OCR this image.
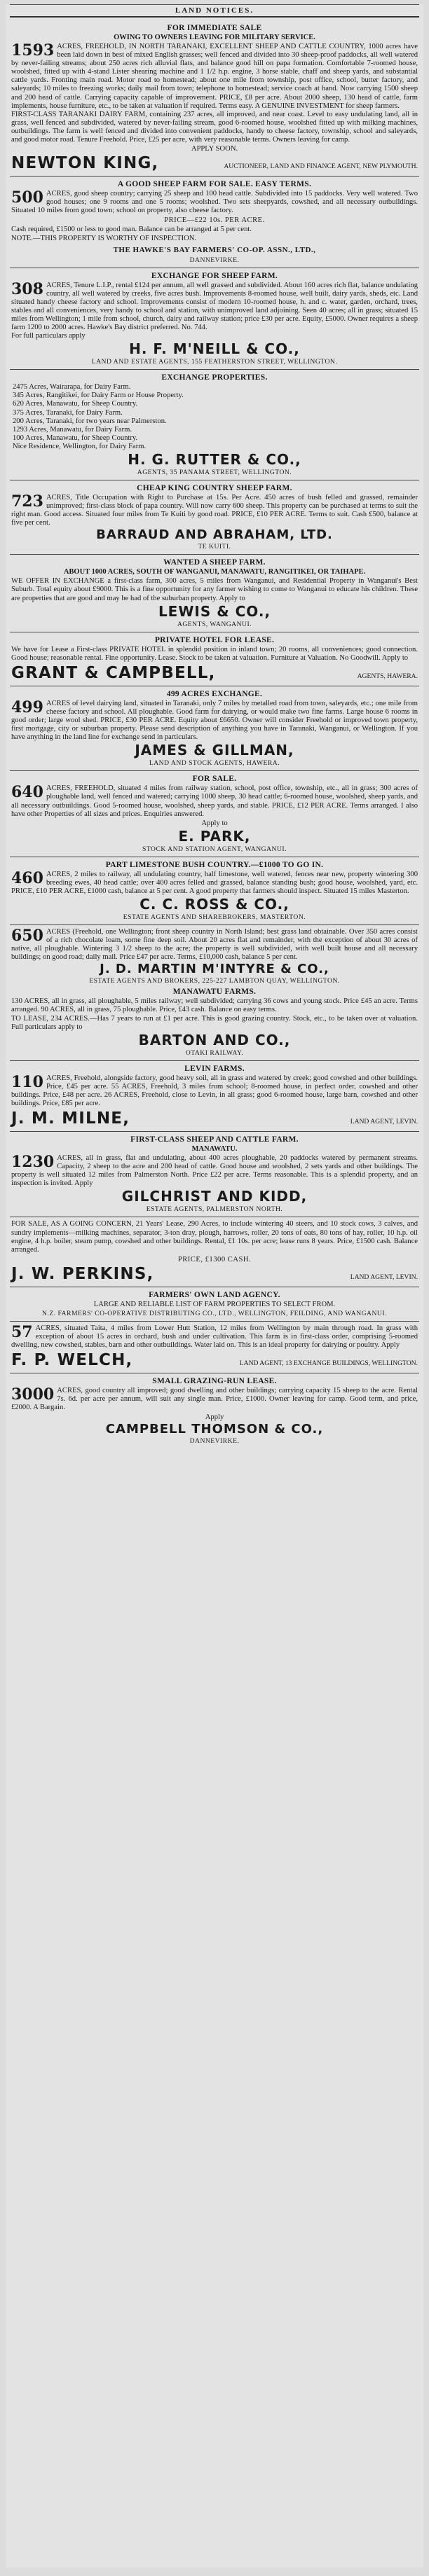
LAND NOTICES.
FOR IMMEDIATE SALE
OWING TO OWNERS LEAVING FOR MILITARY SERVICE.

1593 ACRES, FREEHOLD, IN NORTH TARANAKI, EXCELLENT SHEEP AND CATTLE COUNTRY, 1000 acres have been laid down in best of mixed English grasses; well fenced and divided into 30 sheep-proof paddocks, all well watered by never-failing streams; about 250 acres rich alluvial flats, and balance good hill on papa formation. Comfortable 7-roomed house, woolshed, fitted up with 4-stand Lister shearing machine and 1 1/2 h.p. engine, 3 horse stable, chaff and sheep yards, and substantial cattle yards. Fronting main road. Motor road to homestead; about one mile from township, post office, school, butter factory, and saleyards; 10 miles to freezing works; daily mail from town; telephone to homestead; service coach at hand. Now carrying 1500 sheep and 200 head of cattle. Carrying capacity capable of improvement. PRICE, £8 per acre. About 2000 sheep, 130 head of cattle, farm implements, house furniture, etc., to be taken at valuation if required. Terms easy. A GENUINE INVESTMENT for sheep farmers.

FIRST-CLASS TARANAKI DAIRY FARM, containing 237 acres, all improved, and near coast. Level to easy undulating land, all in grass, well fenced and subdivided, watered by never-failing stream, good 6-roomed house, woolshed fitted up with milking machines, outbuildings. The farm is well fenced and divided into convenient paddocks, handy to cheese factory, township, school and saleyards, and good motor road. Tenure Freehold. Price, £25 per acre, with very reasonable terms. Owners leaving for camp.

APPLY SOON.
NEWTON KING,	AUCTIONEER, LAND AND FINANCE AGENT, NEW PLYMOUTH.
A GOOD SHEEP FARM FOR SALE. EASY TERMS.

500 ACRES, good sheep country; carrying 25 sheep and 100 head cattle. Subdivided into 15 paddocks. Very well watered. Two good houses; one 9 rooms and one 5 rooms; woolshed. Two sets sheepyards, cowshed, and all necessary outbuildings. Situated 10 miles from good town; school on property, also cheese factory.

PRICE—£22 10s. PER ACRE.

Cash required, £1500 or less to good man. Balance can be arranged at 5 per cent.

NOTE.—THIS PROPERTY IS WORTHY OF INSPECTION.

THE HAWKE'S BAY FARMERS' CO-OP. ASSN., LTD.,
DANNEVIRKE.
EXCHANGE FOR SHEEP FARM.

308 ACRES, Tenure L.I.P., rental £124 per annum, all well grassed and subdivided. About 160 acres rich flat, balance undulating country, all well watered by creeks, five acres bush. Improvements 8-roomed house, well built, dairy yards, sheds, etc. Land situated handy cheese factory and school. Improvements consist of modern 10-roomed house, h. and c. water, garden, orchard, trees, stables and all conveniences, very handy to school and station, with unimproved land adjoining. Seen 40 acres; all in grass; situated 15 miles from Wellington; 1 mile from school, church, dairy and railway station; price £30 per acre. Equity, £5000. Owner requires a sheep farm 1200 to 2000 acres. Hawke's Bay district preferred. No. 744.

For full particulars apply

H. F. M'NEILL & CO.,
LAND AND ESTATE AGENTS, 155 FEATHERSTON STREET, WELLINGTON.
EXCHANGE PROPERTIES.
2475 Acres, Wairarapa, for Dairy Farm.
345 Acres, Rangitikei, for Dairy Farm or House Property.
620 Acres, Manawatu, for Sheep Country.
375 Acres, Taranaki, for Dairy Farm.
200 Acres, Taranaki, for two years near Palmerston.
1293 Acres, Manawatu, for Dairy Farm.
100 Acres, Manawatu, for Sheep Country.
Nice Residence, Wellington, for Dairy Farm.
H. G. RUTTER & CO.,
AGENTS, 35 PANAMA STREET, WELLINGTON.
CHEAP KING COUNTRY SHEEP FARM.

723 ACRES, Title Occupation with Right to Purchase at 15s. Per Acre. 450 acres of bush felled and grassed, remainder unimproved; first-class block of papa country. Will now carry 600 sheep. This property can be purchased at terms to suit the right man. Good access. Situated four miles from Te Kuiti by good road. PRICE, £10 PER ACRE. Terms to suit. Cash £500, balance at five per cent.

BARRAUD AND ABRAHAM, LTD.
TE KUITI.
WANTED A SHEEP FARM.
ABOUT 1000 ACRES, SOUTH OF WANGANUI, MANAWATU, RANGITIKEI, OR TAIHAPE.

WE OFFER IN EXCHANGE a first-class farm, 300 acres, 5 miles from Wanganui, and Residential Property in Wanganui's Best Suburb. Total equity about £9000. This is a fine opportunity for any farmer wishing to come to Wanganui to educate his children. These are properties that are good and may be had of the suburban property. Apply to

LEWIS & CO.,
AGENTS, WANGANUI.
PRIVATE HOTEL FOR LEASE.

We have for Lease a First-class PRIVATE HOTEL in splendid position in inland town; 20 rooms, all conveniences; good connection. Good house; reasonable rental. Fine opportunity. Lease. Stock to be taken at valuation. Furniture at Valuation. No Goodwill. Apply to

GRANT & CAMPBELL,	AGENTS, HAWERA.
499 ACRES EXCHANGE.

499 ACRES of level dairying land, situated in Taranaki, only 7 miles by metalled road from town, saleyards, etc.; one mile from cheese factory and school. All ploughable. Good farm for dairying, or would make two fine farms. Large house 6 rooms in good order; large wool shed. PRICE, £30 PER ACRE. Equity about £6650. Owner will consider Freehold or improved town property, first mortgage, city or suburban property. Please send description of anything you have in Taranaki, Wanganui, or Wellington. If you have anything in the land line for exchange send in particulars.

JAMES & GILLMAN,
LAND AND STOCK AGENTS, HAWERA.
FOR SALE.

640 ACRES, FREEHOLD, situated 4 miles from railway station, school, post office, township, etc., all in grass; 300 acres of ploughable land, well fenced and watered; carrying 1000 sheep, 30 head cattle; 6-roomed house, woolshed, sheep yards, and all necessary outbuildings. Good 5-roomed house, woolshed, sheep yards, and stable. PRICE, £12 PER ACRE. Terms arranged. I also have other Properties of all sizes and prices. Enquiries answered.

Apply to
E. PARK,
STOCK AND STATION AGENT, WANGANUI.
PART LIMESTONE BUSH COUNTRY.—£1000 TO GO IN.

460 ACRES, 2 miles to railway, all undulating country, half limestone, well watered, fences near new, property wintering 300 breeding ewes, 40 head cattle; over 400 acres felled and grassed, balance standing bush; good house, woolshed, yard, etc. PRICE, £10 PER ACRE, £1000 cash, balance at 5 per cent. A good property that farmers should inspect. Situated 15 miles Masterton.

C. C. ROSS & CO.,
ESTATE AGENTS AND SHAREBROKERS, MASTERTON.

650 ACRES (Freehold, one Wellington; front sheep country in North Island; best grass land obtainable. Over 350 acres consist of a rich chocolate loam, some fine deep soil. About 20 acres flat and remainder, with the exception of about 30 acres of native, all ploughable. Wintering 3 1/2 sheep to the acre; the property is well subdivided, with well built house and all necessary buildings; on good road; daily mail. Price £47 per acre. Terms, £10,000 cash, balance 5 per cent.

J. D. MARTIN M'INTYRE & CO.,
ESTATE AGENTS AND BROKERS, 225-227 LAMBTON QUAY, WELLINGTON.
MANAWATU FARMS.

130 ACRES, all in grass, all ploughable, 5 miles railway; well subdivided; carrying 36 cows and young stock. Price £45 an acre. Terms arranged. 90 ACRES, all in grass, 75 ploughable. Price, £43 cash. Balance on easy terms.

TO LEASE, 234 ACRES.—Has 7 years to run at £1 per acre. This is good grazing country. Stock, etc., to be taken over at valuation. Full particulars apply to

BARTON AND CO.,
OTAKI RAILWAY.
LEVIN FARMS.

110 ACRES, Freehold, alongside factory, good heavy soil, all in grass and watered by creek; good cowshed and other buildings. Price, £45 per acre. 55 ACRES, Freehold, 3 miles from school; 8-roomed house, in perfect order, cowshed and other buildings. Price, £48 per acre. 26 ACRES, Freehold, close to Levin, in all grass; good 6-roomed house, large barn, cowshed and other buildings. Price, £85 per acre.

J. M. MILNE,	LAND AGENT, LEVIN.
FIRST-CLASS SHEEP AND CATTLE FARM.
MANAWATU.

1230 ACRES, all in grass, flat and undulating, about 400 acres ploughable, 20 paddocks watered by permanent streams. Capacity, 2 sheep to the acre and 200 head of cattle. Good house and woolshed, 2 sets yards and other buildings. The property is well situated 12 miles from Palmerston North. Price £22 per acre. Terms reasonable. This is a splendid property, and an inspection is invited. Apply

GILCHRIST AND KIDD,
ESTATE AGENTS, PALMERSTON NORTH.

FOR SALE, AS A GOING CONCERN, 21 Years' Lease, 290 Acres, to include wintering 40 steers, and 10 stock cows, 3 calves, and sundry implements—milking machines, separator, 3-ton dray, plough, harrows, roller, 20 tons of oats, 80 tons of hay, roller, 10 h.p. oil engine, 4 h.p. boiler, steam pump, cowshed and other buildings. Rental, £1 10s. per acre; lease runs 8 years. Price, £1500 cash. Balance arranged.

PRICE, £1300 CASH.
J. W. PERKINS,	LAND AGENT, LEVIN.
FARMERS' OWN LAND AGENCY.

LARGE AND RELIABLE LIST OF FARM PROPERTIES TO SELECT FROM.

N.Z. FARMERS' CO-OPERATIVE DISTRIBUTING CO., LTD., WELLINGTON, FEILDING, AND WANGANUI.

57 ACRES, situated Taita, 4 miles from Lower Hutt Station, 12 miles from Wellington by main through road. In grass with exception of about 15 acres in orchard, bush and under cultivation. This farm is in first-class order, comprising 5-roomed dwelling, new cowshed, stables, barn and other outbuildings. Water laid on. This is an ideal property for dairying or poultry. Apply

F. P. WELCH,	LAND AGENT, 13 EXCHANGE BUILDINGS, WELLINGTON.
SMALL GRAZING-RUN LEASE.

3000 ACRES, good country all improved; good dwelling and other buildings; carrying capacity 15 sheep to the acre. Rental 7s. 6d. per acre per annum, will suit any single man. Price, £1000. Owner leaving for camp. Good term, and price, £2000. A Bargain.

Apply
CAMPBELL THOMSON & CO.,
DANNEVIRKE.
